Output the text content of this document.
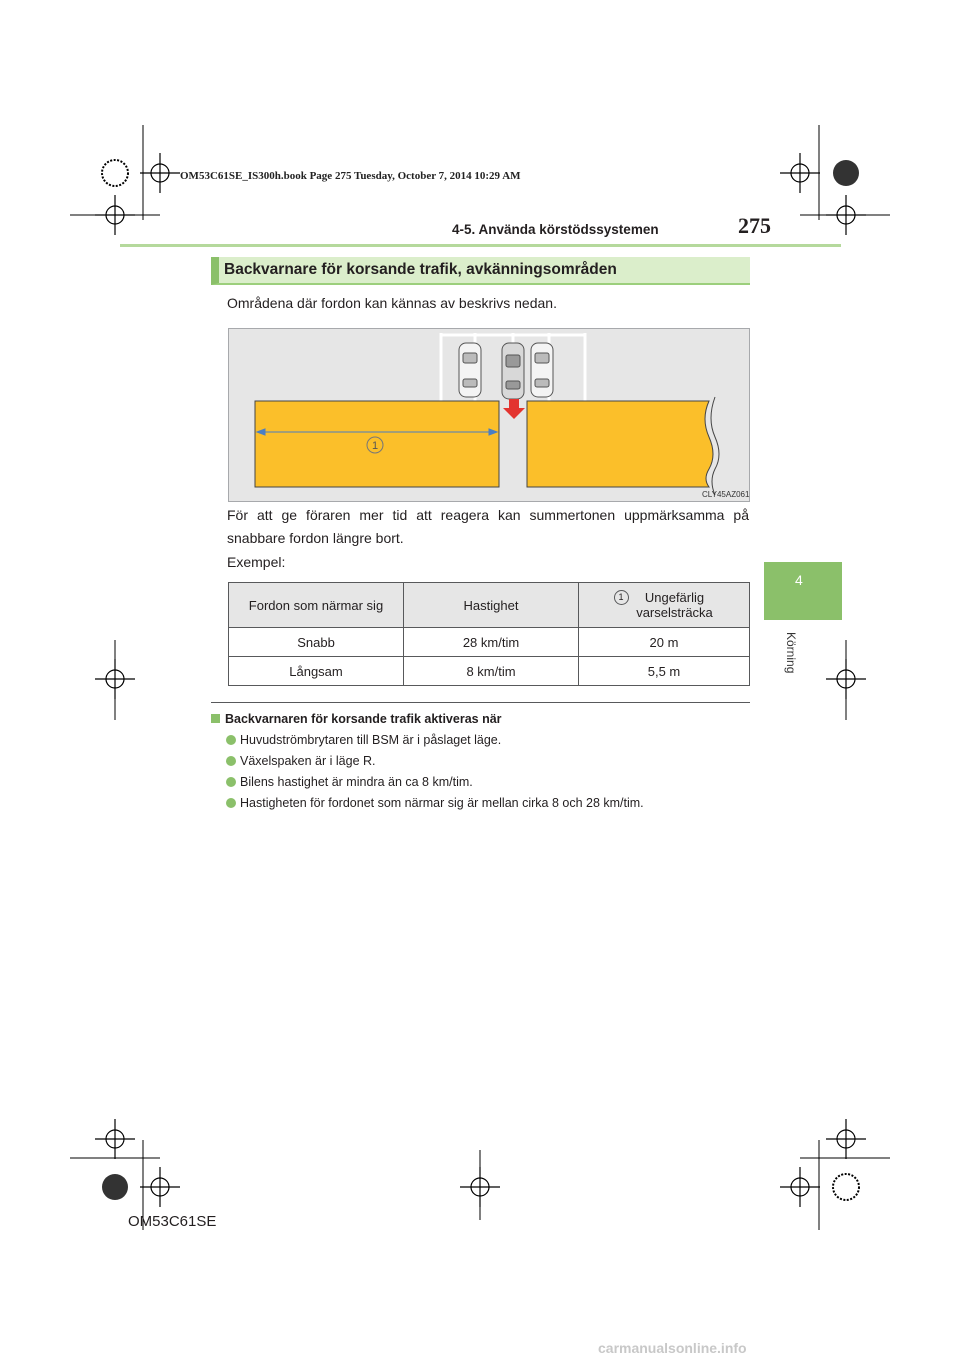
OM53C61SE_IS300h.book Page 275 Tuesday, October 7, 2014 10:29 AM
4-5. Använda körstödssystemen	275
4
Körning
Backvarnare för korsande trafik, avkänningsområden
Områdena där fordon kan kännas av beskrivs nedan.
1
CLY45AZ061
För att ge föraren mer tid att reagera kan summertonen uppmärksamma på snabbare fordon längre bort.
Exempel:
Fordon som närmar sig	Hastighet	1 Ungefärlig varselsträcka
Snabb	28 km/tim	20 m
Långsam	8 km/tim	5,5 m
Backvarnaren för korsande trafik aktiveras när
Huvudströmbrytaren till BSM är i påslaget läge.
Växelspaken är i läge R.
Bilens hastighet är mindra än ca 8 km/tim.
Hastigheten för fordonet som närmar sig är mellan cirka 8 och 28 km/tim.
OM53C61SE
carmanualsonline.info
